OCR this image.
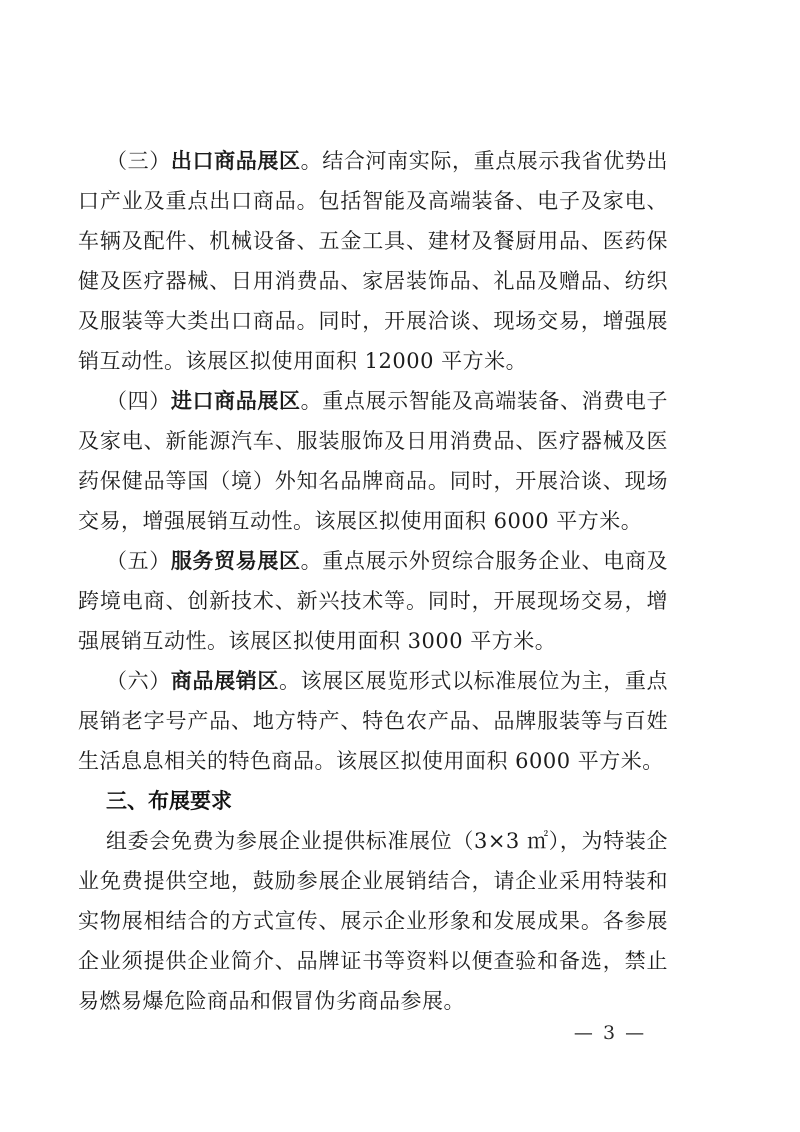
（三）出口商品展区。结合河南实际，重点展示我省优势出口产业及重点出口商品。包括智能及高端装备、电子及家电、车辆及配件、机械设备、五金工具、建材及餐厨用品、医药保健及医疗器械、日用消费品、家居装饰品、礼品及赠品、纺织及服装等大类出口商品。同时，开展洽谈、现场交易，增强展销互动性。该展区拟使用面积 12000 平方米。

（四）进口商品展区。重点展示智能及高端装备、消费电子及家电、新能源汽车、服装服饰及日用消费品、医疗器械及医药保健品等国（境）外知名品牌商品。同时，开展洽谈、现场交易，增强展销互动性。该展区拟使用面积 6000 平方米。

（五）服务贸易展区。重点展示外贸综合服务企业、电商及跨境电商、创新技术、新兴技术等。同时，开展现场交易，增强展销互动性。该展区拟使用面积 3000 平方米。

（六）商品展销区。该展区展览形式以标准展位为主，重点展销老字号产品、地方特产、特色农产品、品牌服装等与百姓生活息息相关的特色商品。该展区拟使用面积 6000 平方米。

三、布展要求

组委会免费为参展企业提供标准展位（3×3 ㎡），为特装企业免费提供空地，鼓励参展企业展销结合，请企业采用特装和实物展相结合的方式宣传、展示企业形象和发展成果。各参展企业须提供企业简介、品牌证书等资料以便查验和备选，禁止易燃易爆危险商品和假冒伪劣商品参展。

— 3 —
